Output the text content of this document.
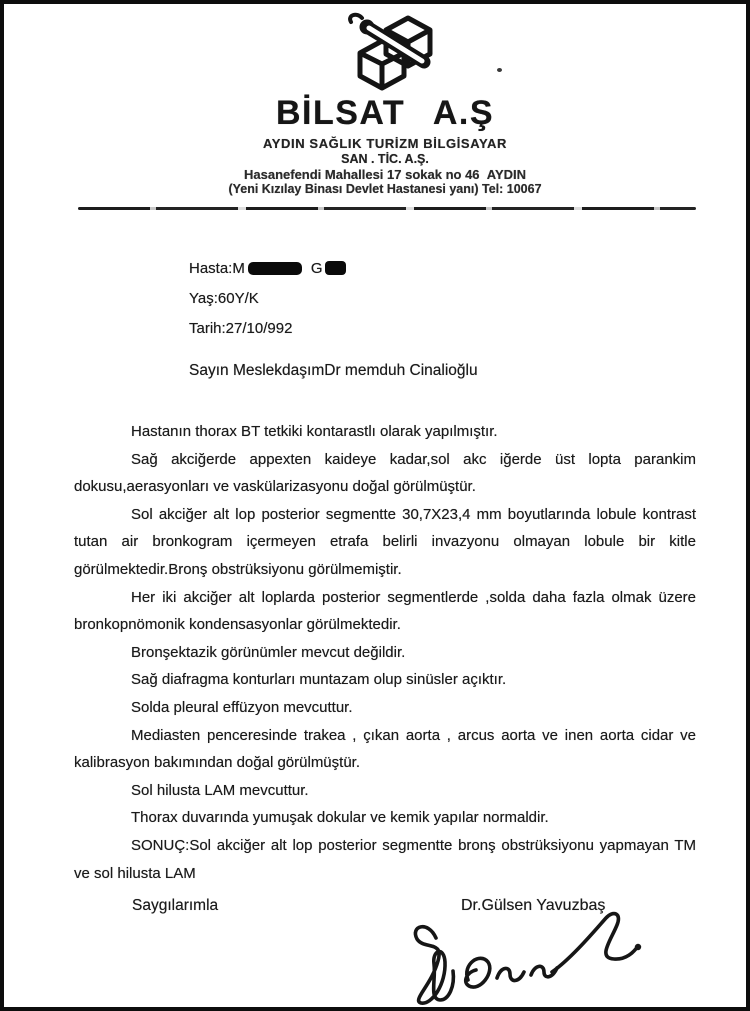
BİLSAT A.Ş

AYDIN SAĞLIK TURİZM BİLGİSAYAR

SAN . TİC. A.Ş.

Hasanefendi Mahallesi 17 sokak no 46  AYDIN

(Yeni Kızılay Binası Devlet Hastanesi yanı) Tel: 10067

Hasta:M	G
Yaş:60Y/K
Tarih:27/10/992
Sayın MeslekdaşımDr memduh Cinalioğlu

Hastanın thorax BT tetkiki kontarastlı olarak yapılmıştır.

Sağ akciğerde appexten kaideye kadar,sol akc iğerde üst lopta parankim dokusu,aerasyonları ve vaskülarizasyonu doğal görülmüştür.

Sol akciğer alt lop posterior segmentte 30,7X23,4 mm boyutlarında lobule kontrast tutan air bronkogram içermeyen etrafa belirli invazyonu olmayan lobule bir kitle görülmektedir.Bronş obstrüksiyonu görülmemiştir.

Her iki akciğer alt loplarda posterior segmentlerde ,solda daha fazla olmak üzere bronkopnömonik kondensasyonlar görülmektedir.

Bronşektazik görünümler mevcut değildir.

Sağ diafragma konturları muntazam olup sinüsler açıktır.

Solda pleural effüzyon mevcuttur.

Mediasten penceresinde trakea , çıkan aorta , arcus aorta ve inen aorta cidar ve kalibrasyon bakımından doğal görülmüştür.

Sol hilusta LAM mevcuttur.

Thorax duvarında yumuşak dokular ve kemik yapılar normaldir.

SONUÇ:Sol akciğer alt lop posterior segmentte bronş obstrüksiyonu yapmayan TM ve sol hilusta LAM

Saygılarımla	Dr.Gülsen Yavuzbaş
